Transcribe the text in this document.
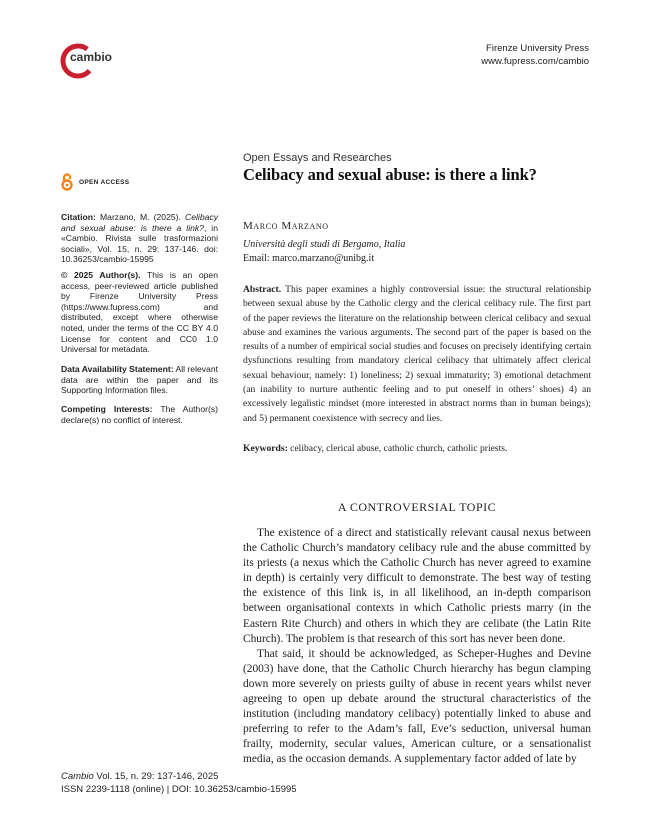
cambio
Firenze University Press
www.fupress.com/cambio
OPEN ACCESS
Citation: Marzano, M. (2025). Celibacy and sexual abuse: is there a link?, in «Cambio. Rivista sulle trasformazioni sociali», Vol. 15, n. 29: 137-146. doi: 10.36253/cambio-15995
© 2025 Author(s). This is an open access, peer-reviewed article published by Firenze University Press (https://www.fupress.com) and distributed, except where otherwise noted, under the terms of the CC BY 4.0 License for content and CC0 1.0 Universal for metadata.
Data Availability Statement: All relevant data are within the paper and its Supporting Information files.
Competing Interests: The Author(s) declare(s) no conflict of interest.
Open Essays and Researches
Celibacy and sexual abuse: is there a link?
Marco Marzano
Università degli studi di Bergamo, Italia
Email: marco.marzano@unibg.it
Abstract. This paper examines a highly controversial issue: the structural relationship between sexual abuse by the Catholic clergy and the clerical celibacy rule. The first part of the paper reviews the literature on the relationship between clerical celibacy and sexual abuse and examines the various arguments. The second part of the paper is based on the results of a number of empirical social studies and focuses on precisely identifying certain dysfunctions resulting from mandatory clerical celibacy that ultimately affect clerical sexual behaviour, namely: 1) loneliness; 2) sexual immaturity; 3) emotional detachment (an inability to nurture authentic feeling and to put oneself in others’ shoes) 4) an excessively legalistic mindset (more interested in abstract norms than in human beings); and 5) permanent coexistence with secrecy and lies.
Keywords: celibacy, clerical abuse, catholic church, catholic priests.
A CONTROVERSIAL TOPIC

The existence of a direct and statistically relevant causal nexus between the Catholic Church’s mandatory celibacy rule and the abuse committed by its priests (a nexus which the Catholic Church has never agreed to examine in depth) is certainly very difficult to demonstrate. The best way of testing the existence of this link is, in all likelihood, an in-depth comparison between organisational contexts in which Catholic priests marry (in the Eastern Rite Church) and others in which they are celibate (the Latin Rite Church). The problem is that research of this sort has never been done.

That said, it should be acknowledged, as Scheper-Hughes and Devine (2003) have done, that the Catholic Church hierarchy has begun clamping down more severely on priests guilty of abuse in recent years whilst never agreeing to open up debate around the structural characteristics of the institution (including mandatory celibacy) potentially linked to abuse and preferring to refer to the Adam’s fall, Eve’s seduction, universal human frailty, modernity, secular values, American culture, or a sensationalist media, as the occasion demands. A supplementary factor added of late by

Cambio Vol. 15, n. 29: 137-146, 2025
ISSN 2239-1118 (online) | DOI: 10.36253/cambio-15995
